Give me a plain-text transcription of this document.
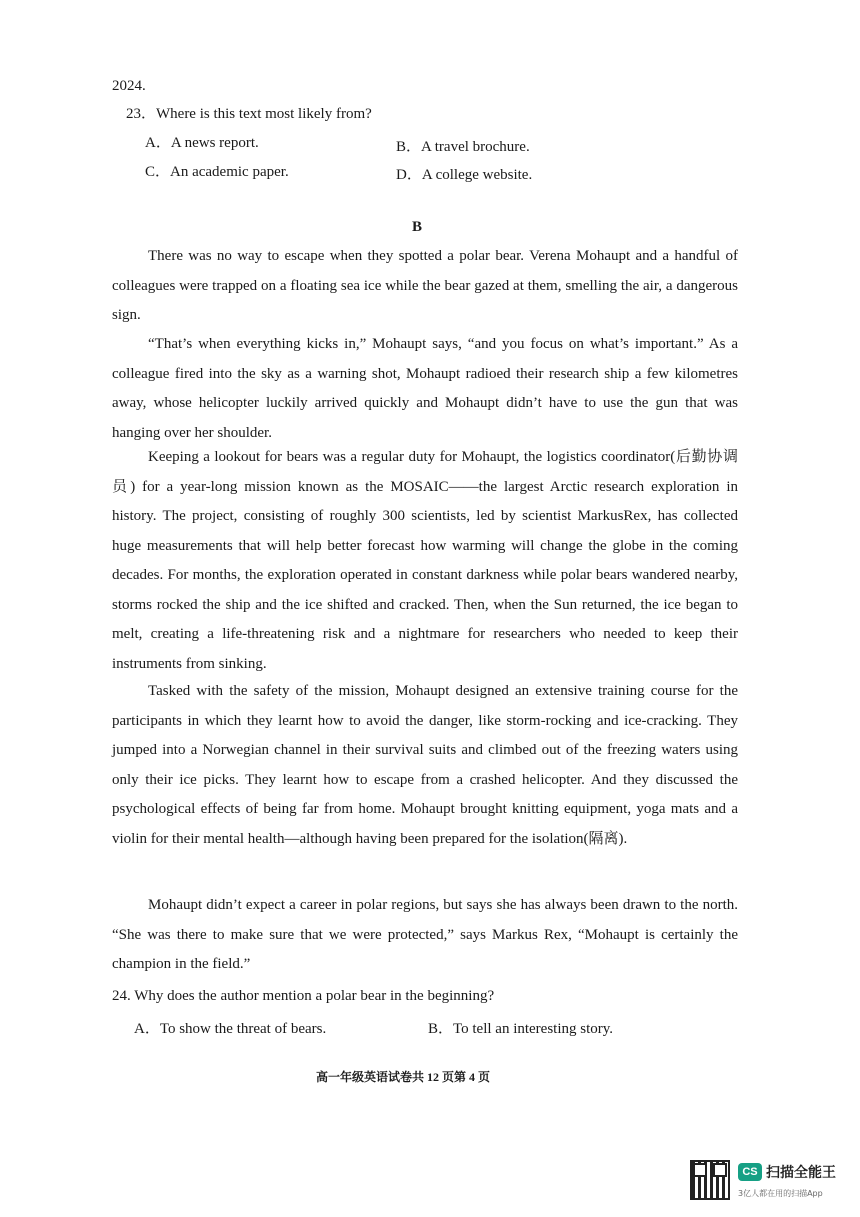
2024.
23．Where is this text most likely from?
A．A news report.	B．A travel brochure.
C．An academic paper.	D．A college website.
B

There was no way to escape when they spotted a polar bear. Verena Mohaupt and a handful of colleagues were trapped on a floating sea ice while the bear gazed at them, smelling the air, a dangerous sign.

“That’s when everything kicks in,” Mohaupt says, “and you focus on what’s important.” As a colleague fired into the sky as a warning shot, Mohaupt radioed their research ship a few kilometres away, whose helicopter luckily arrived quickly and Mohaupt didn’t have to use the gun that was hanging over her shoulder.

Keeping a lookout for bears was a regular duty for Mohaupt, the logistics coordinator(后勤协调员) for a year-long mission known as the MOSAIC——the largest Arctic research exploration in history. The project, consisting of roughly 300 scientists, led by scientist MarkusRex, has collected huge measurements that will help better forecast how warming will change the globe in the coming decades. For months, the exploration operated in constant darkness while polar bears wandered nearby, storms rocked the ship and the ice shifted and cracked. Then, when the Sun returned, the ice began to melt, creating a life-threatening risk and a nightmare for researchers who needed to keep their instruments from sinking.

Tasked with the safety of the mission, Mohaupt designed an extensive training course for the participants in which they learnt how to avoid the danger, like storm-rocking and ice-cracking. They jumped into a Norwegian channel in their survival suits and climbed out of the freezing waters using only their ice picks. They learnt how to escape from a crashed helicopter. And they discussed the psychological effects of being far from home. Mohaupt brought knitting equipment, yoga mats and a violin for their mental health—although having been prepared for the isolation(隔离).

Mohaupt didn’t expect a career in polar regions, but says she has always been drawn to the north. “She was there to make sure that we were protected,” says Markus Rex, “Mohaupt is certainly the champion in the field.”

24. Why does the author mention a polar bear in the beginning?
A．To show the threat of bears.	B．To tell an interesting story.
高一年级英语试卷共 12 页第 4 页
CS 扫描全能王
3亿人都在用的扫描App
